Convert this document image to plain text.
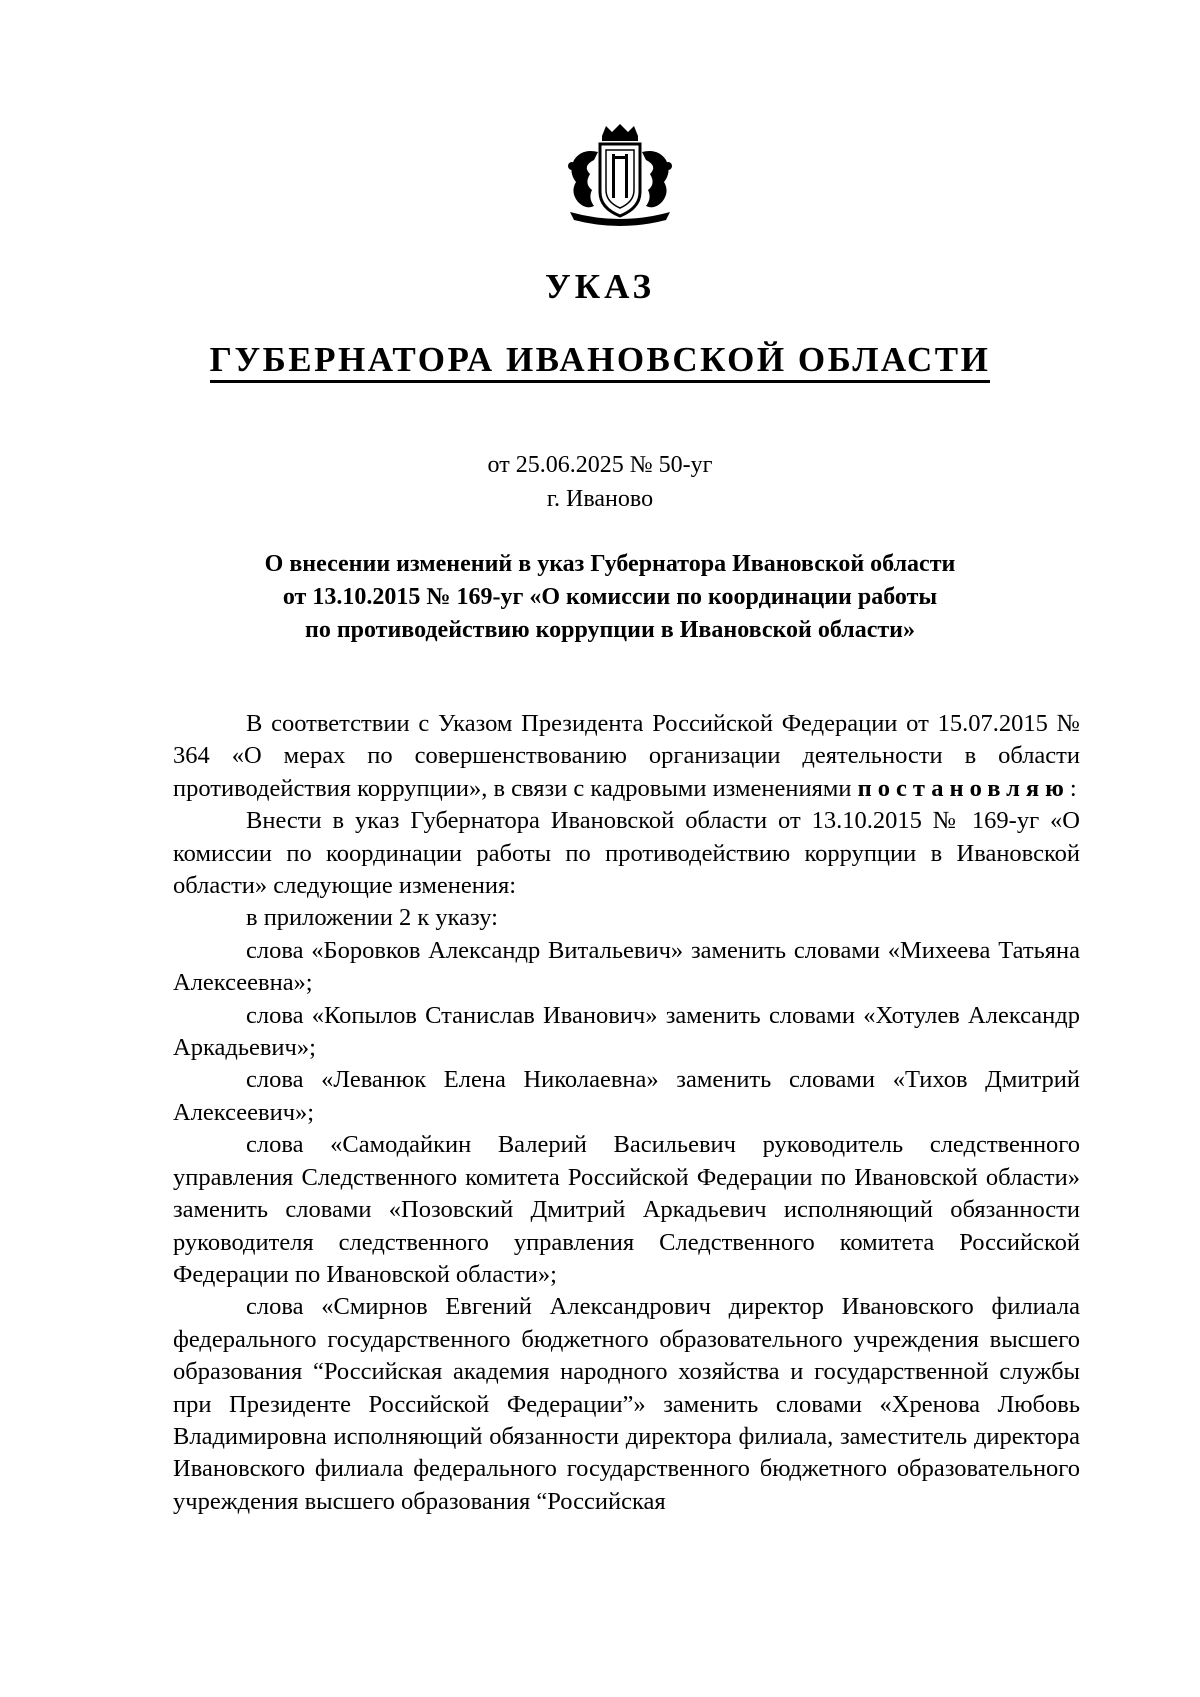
УКАЗ
ГУБЕРНАТОРА ИВАНОВСКОЙ ОБЛАСТИ
от 25.06.2025 № 50-уг
г. Иваново
О внесении изменений в указ Губернатора Ивановской области
от 13.10.2015 № 169-уг «О комиссии по координации работы
по противодействию коррупции в Ивановской области»

В соответствии с Указом Президента Российской Федерации от 15.07.2015 № 364 «О мерах по совершенствованию организации деятельности в области противодействия коррупции», в связи с кадровыми изменениями постановляю:

Внести в указ Губернатора Ивановской области от 13.10.2015 № 169-уг «О комиссии по координации работы по противодействию коррупции в Ивановской области» следующие изменения:

в приложении 2 к указу:

слова «Боровков Александр Витальевич» заменить словами «Михеева Татьяна Алексеевна»;

слова «Копылов Станислав Иванович» заменить словами «Хотулев Александр Аркадьевич»;

слова «Леванюк Елена Николаевна» заменить словами «Тихов Дмитрий Алексеевич»;

слова «Самодайкин Валерий Васильевич руководитель следственного управления Следственного комитета Российской Федерации по Ивановской области» заменить словами «Позовский Дмитрий Аркадьевич исполняющий обязанности руководителя следственного управления Следственного комитета Российской Федерации по Ивановской области»;

слова «Смирнов Евгений Александрович директор Ивановского филиала федерального государственного бюджетного образовательного учреждения высшего образования “Российская академия народного хозяйства и государственной службы при Президенте Российской Федерации”» заменить словами «Хренова Любовь Владимировна исполняющий обязанности директора филиала, заместитель директора Ивановского филиала федерального государственного бюджетного образовательного учреждения высшего образования “Российская
